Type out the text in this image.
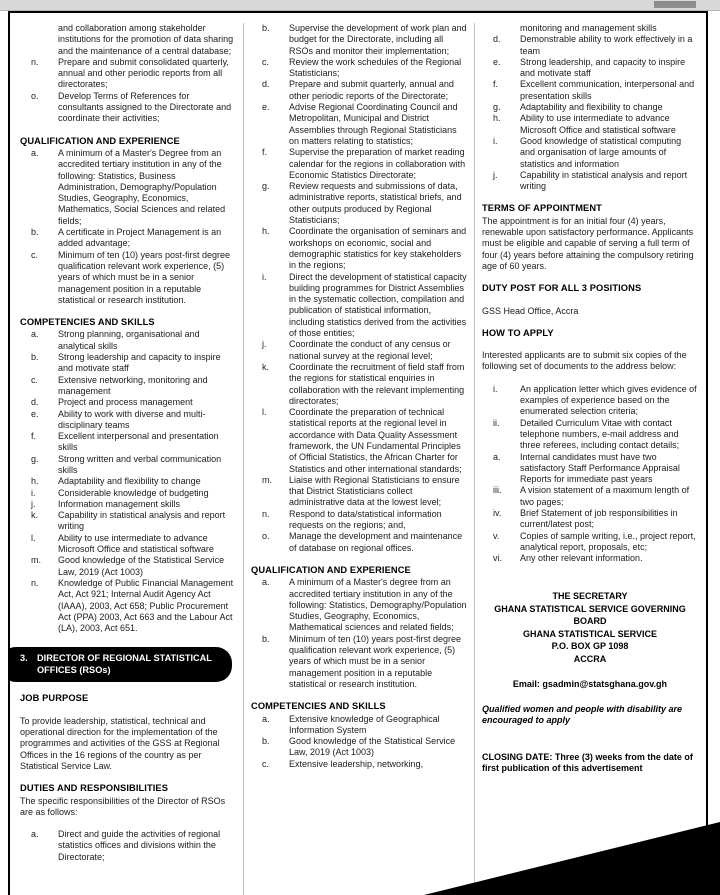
and collaboration among stakeholder institutions for the promotion of data sharing and the maintenance of a central database;
n.	Prepare and submit consolidated quarterly, annual and other periodic reports from all directorates;
o.	Develop Terms of References for consultants assigned to the Directorate and coordinate their activities;
QUALIFICATION AND EXPERIENCE
a.	A minimum of a Master's Degree from an accredited tertiary institution in any of the following: Statistics, Business Administration, Demography/Population Studies, Geography, Economics, Mathematics, Social Sciences and related fields;
b.	A certificate in Project Management is an added advantage;
c.	Minimum of ten (10) years post-first degree qualification relevant work experience, (5) years of which must be in a senior management position in a reputable statistical or research institution.
COMPETENCIES AND SKILLS
a.	Strong planning, organisational and analytical skills
b.	Strong leadership and capacity to inspire and motivate staff
c.	Extensive networking, monitoring and management
d.	Project and process management
e.	Ability to work with diverse and multi-disciplinary teams
f.	Excellent interpersonal and presentation skills
g.	Strong written and verbal communication skills
h.	Adaptability and flexibility to change
i.	Considerable knowledge of budgeting
j.	Information management skills
k.	Capability in statistical analysis and report writing
l.	Ability to use intermediate to advance Microsoft Office and statistical software
m.	Good knowledge of the Statistical Service Law, 2019 (Act 1003)
n.	Knowledge of Public Financial Management Act, Act 921; Internal Audit Agency Act (IAAA), 2003, Act 658; Public Procurement Act (PPA) 2003, Act 663 and the Labour Act (LA), 2003, Act 651.
3.	DIRECTOR OF REGIONAL STATISTICAL OFFICES (RSOs)
JOB PURPOSE
To provide leadership, statistical, technical and operational direction for the implementation of the programmes and activities of the GSS at Regional Offices in the 16 regions of the country as per Statistical Service Law.
DUTIES AND RESPONSIBILITIES
The specific responsibilities of the Director of RSOs are as follows:
a.	Direct and guide the activities of regional statistics offices and divisions within the Directorate;
b.	Supervise the development of work plan and budget for the Directorate, including all RSOs and monitor their implementation;
c.	Review the work schedules of the Regional Statisticians;
d.	Prepare and submit quarterly, annual and other periodic reports of the Directorate;
e.	Advise Regional Coordinating Council and Metropolitan, Municipal and District Assemblies through Regional Statisticians on matters relating to statistics;
f.	Supervise the preparation of market reading calendar for the regions in collaboration with Economic Statistics Directorate;
g.	Review requests and submissions of data, administrative reports, statistical briefs, and other outputs produced by Regional Statisticians;
h.	Coordinate the organisation of seminars and workshops on economic, social and demographic statistics for key stakeholders in the regions;
i.	Direct the development of statistical capacity building programmes for District Assemblies in the systematic collection, compilation and publication of statistical information, including statistics derived from the activities of those entities;
j.	Coordinate the conduct of any census or national survey at the regional level;
k.	Coordinate the recruitment of field staff from the regions for statistical enquiries in collaboration with the relevant implementing directorates;
l.	Coordinate the preparation of technical statistical reports at the regional level in accordance with Data Quality Assessment framework, the UN Fundamental Principles of Official Statistics, the African Charter for Statistics and other international standards;
m.	Liaise with Regional Statisticians to ensure that District Statisticians collect administrative data at the lowest level;
n.	Respond to data/statistical information requests on the regions; and,
o.	Manage the development and maintenance of database on regional offices.
QUALIFICATION AND EXPERIENCE
a.	A minimum of a Master's degree from an accredited tertiary institution in any of the following: Statistics, Demography/Population Studies, Geography, Economics, Mathematical sciences and related fields;
b.	Minimum of ten (10) years post-first degree qualification relevant work experience, (5) years of which must be in a senior management position in a reputable statistical or research institution.
COMPETENCIES AND SKILLS
a.	Extensive knowledge of Geographical Information System
b.	Good knowledge of the Statistical Service Law, 2019 (Act 1003)
c.	Extensive leadership, networking,
monitoring and management skills
d.	Demonstrable ability to work effectively in a team
e.	Strong leadership, and capacity to inspire and motivate staff
f.	Excellent communication, interpersonal and presentation skills
g.	Adaptability and flexibility to change
h.	Ability to use intermediate to advance Microsoft Office and statistical software
i.	Good knowledge of statistical computing and organisation of large amounts of statistics and information
j.	Capability in statistical analysis and report writing
TERMS OF APPOINTMENT
The appointment is for an initial four (4) years, renewable upon satisfactory performance. Applicants must be eligible and capable of serving a full term of four (4) years before attaining the compulsory retiring age of 60 years.
DUTY POST FOR ALL 3 POSITIONS
GSS Head Office, Accra
HOW TO APPLY
Interested applicants are to submit six copies of the following set of documents to the address below:
i.	An application letter which gives evidence of examples of experience based on the enumerated selection criteria;
ii.	Detailed Curriculum Vitae with contact telephone numbers, e-mail address and three referees, including contact details;
a.	Internal candidates must have two satisfactory Staff Performance Appraisal Reports for immediate past years
iii.	A vision statement of a maximum length of two pages;
iv.	Brief Statement of job responsibilities in current/latest post;
v.	Copies of sample writing, i.e., project report, analytical report, proposals, etc;
vi.	Any other relevant information.
THE SECRETARY
GHANA STATISTICAL SERVICE GOVERNING BOARD
GHANA STATISTICAL SERVICE
P.O. BOX GP 1098
ACCRA
Email: gsadmin@statsghana.gov.gh
Qualified women and people with disability are encouraged to apply
CLOSING DATE: Three (3) weeks from the date of first publication of this advertisement
